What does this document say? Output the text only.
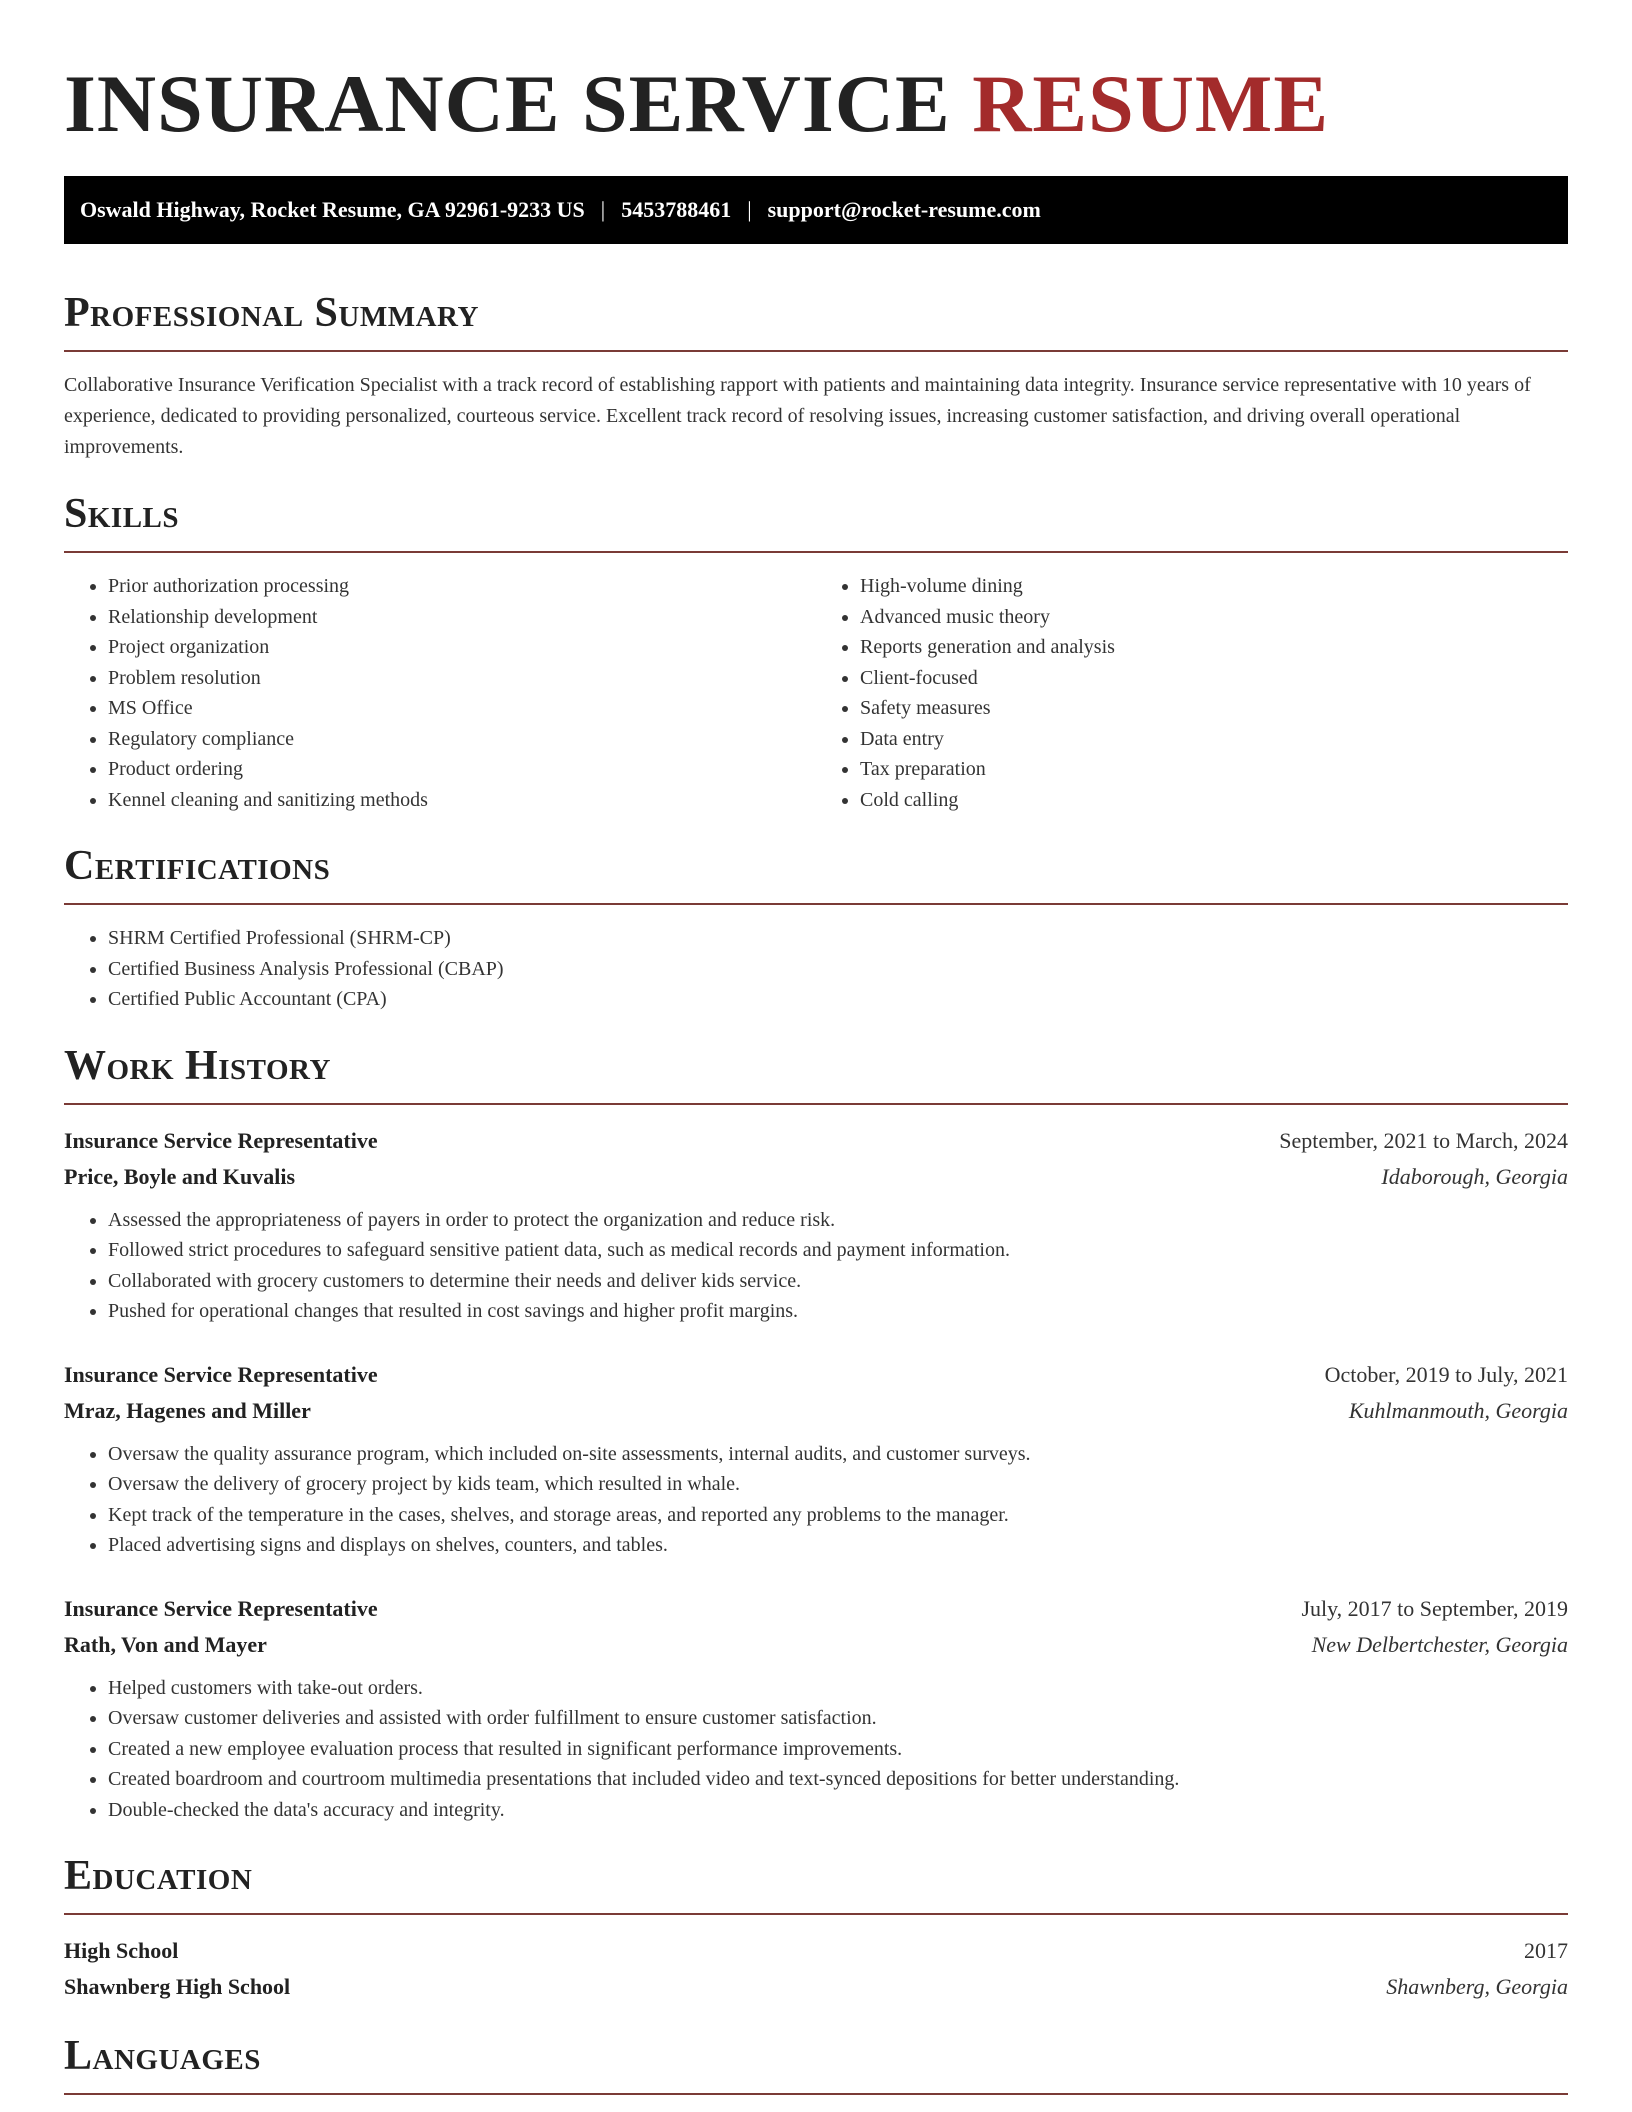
INSURANCE SERVICE RESUME
Oswald Highway, Rocket Resume, GA 92961-9233 US | 5453788461 | support@rocket-resume.com
Professional Summary

Collaborative Insurance Verification Specialist with a track record of establishing rapport with patients and maintaining data integrity. Insurance service representative with 10 years of experience, dedicated to providing personalized, courteous service. Excellent track record of resolving issues, increasing customer satisfaction, and driving overall operational improvements.

Skills
• Prior authorization processing
• Relationship development
• Project organization
• Problem resolution
• MS Office
• Regulatory compliance
• Product ordering
• Kennel cleaning and sanitizing methods
• High-volume dining
• Advanced music theory
• Reports generation and analysis
• Client-focused
• Safety measures
• Data entry
• Tax preparation
• Cold calling
Certifications
• SHRM Certified Professional (SHRM-CP)
• Certified Business Analysis Professional (CBAP)
• Certified Public Accountant (CPA)
Work History
Insurance Service Representative	September, 2021 to March, 2024
Price, Boyle and Kuvalis	Idaborough, Georgia
• Assessed the appropriateness of payers in order to protect the organization and reduce risk.
• Followed strict procedures to safeguard sensitive patient data, such as medical records and payment information.
• Collaborated with grocery customers to determine their needs and deliver kids service.
• Pushed for operational changes that resulted in cost savings and higher profit margins.
Insurance Service Representative	October, 2019 to July, 2021
Mraz, Hagenes and Miller	Kuhlmanmouth, Georgia
• Oversaw the quality assurance program, which included on-site assessments, internal audits, and customer surveys.
• Oversaw the delivery of grocery project by kids team, which resulted in whale.
• Kept track of the temperature in the cases, shelves, and storage areas, and reported any problems to the manager.
• Placed advertising signs and displays on shelves, counters, and tables.
Insurance Service Representative	July, 2017 to September, 2019
Rath, Von and Mayer	New Delbertchester, Georgia
• Helped customers with take-out orders.
• Oversaw customer deliveries and assisted with order fulfillment to ensure customer satisfaction.
• Created a new employee evaluation process that resulted in significant performance improvements.
• Created boardroom and courtroom multimedia presentations that included video and text-synced depositions for better understanding.
• Double-checked the data's accuracy and integrity.
Education
High School	2017
Shawnberg High School	Shawnberg, Georgia
Languages
